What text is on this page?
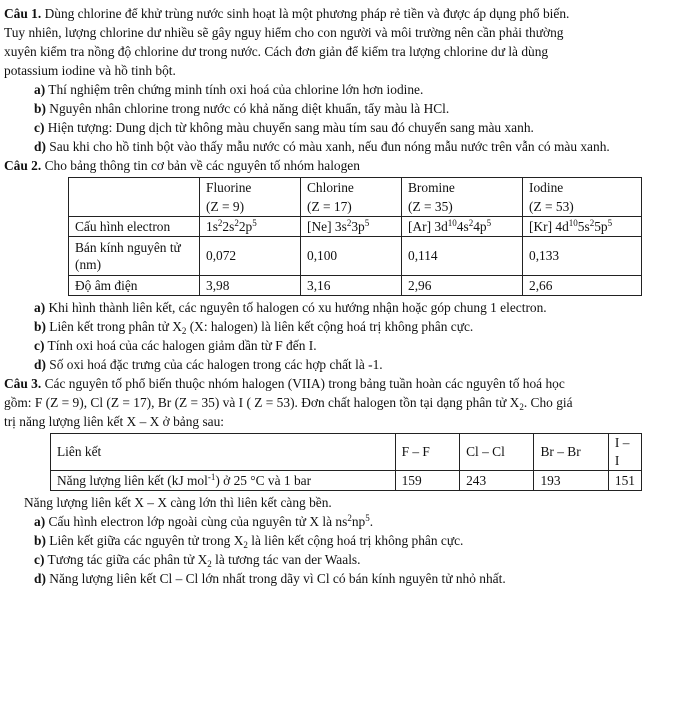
Câu 1. Dùng chlorine để khử trùng nước sinh hoạt là một phương pháp rẻ tiền và được áp dụng phổ biến.

Tuy nhiên, lượng chlorine dư nhiều sẽ gây nguy hiểm cho con người và môi trường nên cần phải thường

xuyên kiểm tra nồng độ chlorine dư trong nước. Cách đơn giản để kiểm tra lượng chlorine dư là dùng

potassium iodine và hồ tinh bột.

a) Thí nghiệm trên chứng minh tính oxi hoá của chlorine lớn hơn iodine.

b) Nguyên nhân chlorine trong nước có khả năng diệt khuẩn, tẩy màu là HCl.

c) Hiện tượng: Dung dịch từ không màu chuyển sang màu tím sau đó chuyển sang màu xanh.

d) Sau khi cho hồ tinh bột vào thấy mẫu nước có màu xanh, nếu đun nóng mẫu nước trên vẫn có màu xanh.

Câu 2. Cho bảng thông tin cơ bản về các nguyên tố nhóm halogen

	Fluorine	Chlorine	Bromine	Iodine
	(Z = 9)	(Z = 17)	(Z = 35)	(Z = 53)
Cấu hình electron	$1s^22s^22p^5$	[Ne] $3s^23p^5$	[Ar] $3d^{10}4s^24p^5$	[Kr] $4d^{10}5s^25p^5$
Bán kính nguyên tử
(nm)	0,072	0,100	0,114	0,133
Độ âm điện	3,98	3,16	2,96	2,66

a) Khi hình thành liên kết, các nguyên tố halogen có xu hướng nhận hoặc góp chung 1 electron.

b) Liên kết trong phân tử $X_2$ (X: halogen) là liên kết cộng hoá trị không phân cực.

c) Tính oxi hoá của các halogen giảm dần từ F đến I.

d) Số oxi hoá đặc trưng của các halogen trong các hợp chất là -1.

Câu 3. Các nguyên tố phổ biến thuộc nhóm halogen (VIIA) trong bảng tuần hoàn các nguyên tố hoá học

gồm: F (Z = 9), Cl (Z = 17), Br (Z = 35) và I ( Z = 53). Đơn chất halogen tồn tại dạng phân tử $X_2$. Cho giá

trị năng lượng liên kết X – X ở bảng sau:

Liên kết	F – F	Cl – Cl	Br – Br	I – I
Năng lượng liên kết (kJ mol$^{-1}$) ở 25 °C và 1 bar	159	243	193	151

Năng lượng liên kết X – X càng lớn thì liên kết càng bền.

a) Cấu hình electron lớp ngoài cùng của nguyên tử X là $ns^2np^5$.

b) Liên kết giữa các nguyên tử trong $X_2$ là liên kết cộng hoá trị không phân cực.

c) Tương tác giữa các phân tử $X_2$ là tương tác van der Waals.

d) Năng lượng liên kết Cl – Cl lớn nhất trong dãy vì Cl có bán kính nguyên tử nhỏ nhất.
